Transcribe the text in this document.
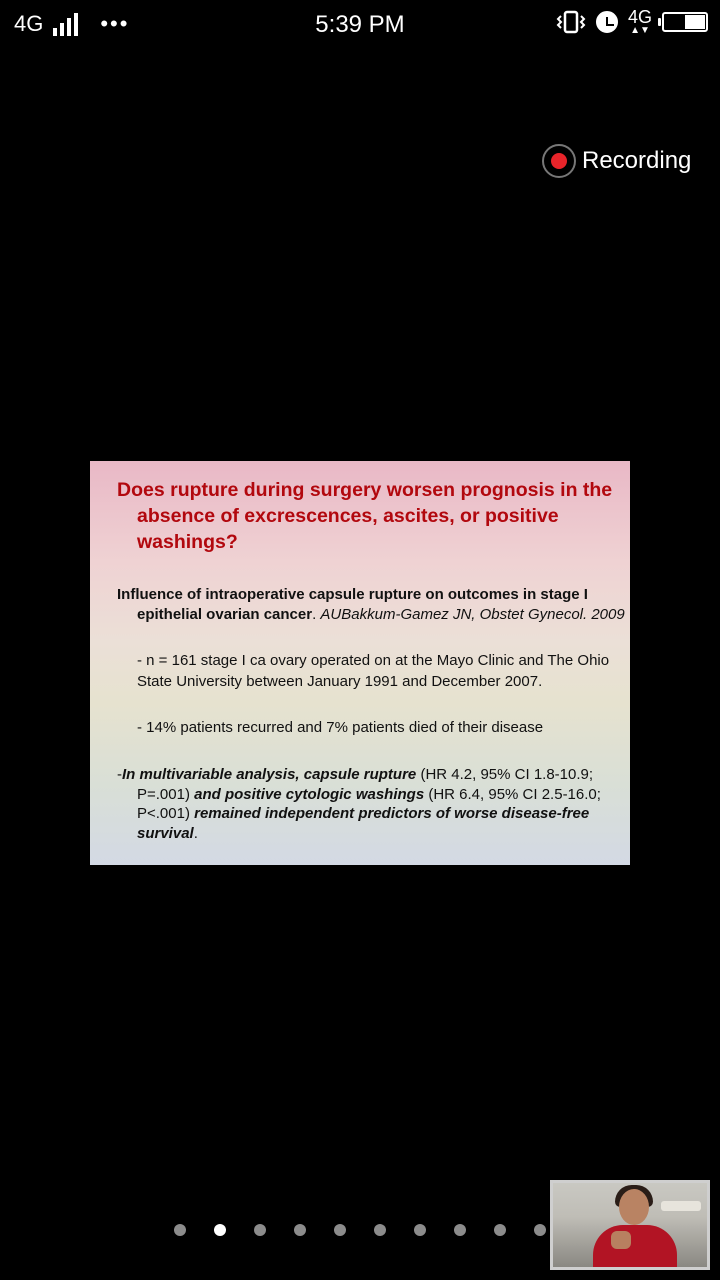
4G	•••	5:39 PM	4G
▲▼
Recording
Does rupture during surgery worsen prognosis in the absence of excrescences, ascites, or positive washings?
Influence of intraoperative capsule rupture on outcomes in stage I epithelial ovarian cancer. AUBakkum-Gamez JN, Obstet Gynecol. 2009
- n = 161 stage I ca ovary operated on at the Mayo Clinic and The Ohio State University between January 1991 and December 2007.
- 14% patients recurred and 7% patients died of their disease
-In multivariable analysis, capsule rupture (HR 4.2, 95% CI 1.8-10.9; P=.001) and positive cytologic washings (HR 6.4, 95% CI 2.5-16.0; P<.001) remained independent predictors of worse disease-free survival.
